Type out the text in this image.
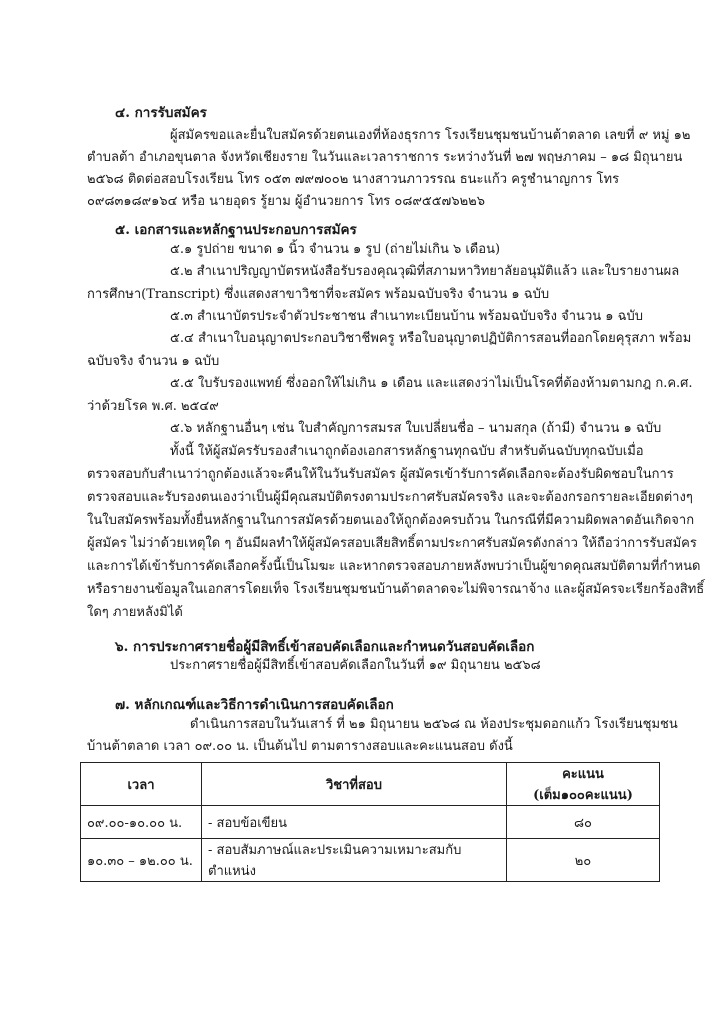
๔. การรับสมัคร
ผู้สมัครขอและยื่นใบสมัครด้วยตนเองที่ห้องธุรการ โรงเรียนชุมชนบ้านต้าตลาด เลขที่ ๙ หมู่ ๑๒
ตำบลต้า อำเภอขุนตาล จังหวัดเชียงราย ในวันและเวลาราชการ ระหว่างวันที่ ๒๗ พฤษภาคม – ๑๘ มิถุนายน
๒๕๖๘ ติดต่อสอบโรงเรียน โทร ๐๕๓ ๗๙๗๐๐๒ นางสาวนภาวรรณ ธนะแก้ว ครูชำนาญการ โทร
๐๙๘๓๑๘๙๑๖๔ หรือ นายอุดร รู้ยาม ผู้อำนวยการ โทร ๐๘๙๕๕๗๖๒๒๖
๕. เอกสารและหลักฐานประกอบการสมัคร
๕.๑ รูปถ่าย ขนาด ๑ นิ้ว จำนวน ๑ รูป (ถ่ายไม่เกิน ๖ เดือน)
๕.๒ สำเนาปริญญาบัตรหนังสือรับรองคุณวุฒิที่สภามหาวิทยาลัยอนุมัติแล้ว และใบรายงานผล
การศึกษา(Transcript) ซึ่งแสดงสาขาวิชาที่จะสมัคร พร้อมฉบับจริง จำนวน ๑ ฉบับ
๕.๓ สำเนาบัตรประจำตัวประชาชน สำเนาทะเบียนบ้าน พร้อมฉบับจริง จำนวน ๑ ฉบับ
๕.๔ สำเนาใบอนุญาตประกอบวิชาชีพครู หรือใบอนุญาตปฏิบัติการสอนที่ออกโดยคุรุสภา พร้อม
ฉบับจริง จำนวน ๑ ฉบับ
๕.๕ ใบรับรองแพทย์ ซึ่งออกให้ไม่เกิน ๑ เดือน และแสดงว่าไม่เป็นโรคที่ต้องห้ามตามกฎ ก.ค.ศ.
ว่าด้วยโรค พ.ศ. ๒๕๔๙
๕.๖ หลักฐานอื่นๆ เช่น ใบสำคัญการสมรส ใบเปลี่ยนชื่อ – นามสกุล (ถ้ามี) จำนวน ๑ ฉบับ
ทั้งนี้ ให้ผู้สมัครรับรองสำเนาถูกต้องเอกสารหลักฐานทุกฉบับ สำหรับต้นฉบับทุกฉบับเมื่อ
ตรวจสอบกับสำเนาว่าถูกต้องแล้วจะคืนให้ในวันรับสมัคร ผู้สมัครเข้ารับการคัดเลือกจะต้องรับผิดชอบในการ
ตรวจสอบและรับรองตนเองว่าเป็นผู้มีคุณสมบัติตรงตามประกาศรับสมัครจริง และจะต้องกรอกรายละเอียดต่างๆ
ในใบสมัครพร้อมทั้งยื่นหลักฐานในการสมัครด้วยตนเองให้ถูกต้องครบถ้วน ในกรณีที่มีความผิดพลาดอันเกิดจาก
ผู้สมัคร ไม่ว่าด้วยเหตุใด ๆ อันมีผลทำให้ผู้สมัครสอบเสียสิทธิ์ตามประกาศรับสมัครดังกล่าว ให้ถือว่าการรับสมัคร
และการได้เข้ารับการคัดเลือกครั้งนี้เป็นโมฆะ และหากตรวจสอบภายหลังพบว่าเป็นผู้ขาดคุณสมบัติตามที่กำหนด
หรือรายงานข้อมูลในเอกสารโดยเท็จ โรงเรียนชุมชนบ้านต้าตลาดจะไม่พิจารณาจ้าง และผู้สมัครจะเรียกร้องสิทธิ์
ใดๆ ภายหลังมิได้
๖. การประกาศรายชื่อผู้มีสิทธิ์เข้าสอบคัดเลือกและกำหนดวันสอบคัดเลือก
ประกาศรายชื่อผู้มีสิทธิ์เข้าสอบคัดเลือกในวันที่ ๑๙ มิถุนายน ๒๕๖๘
๗. หลักเกณฑ์และวิธีการดำเนินการสอบคัดเลือก
ดำเนินการสอบในวันเสาร์ ที่ ๒๑ มิถุนายน ๒๕๖๘ ณ ห้องประชุมดอกแก้ว โรงเรียนชุมชน
บ้านต้าตลาด เวลา ๐๙.๐๐ น. เป็นต้นไป ตามตารางสอบและคะแนนสอบ ดังนี้
เวลา	วิชาที่สอบ	คะแนน (เต็ม๑๐๐คะแนน)
๐๙.๐๐-๑๐.๐๐ น.	- สอบข้อเขียน	๘๐
๑๐.๓๐ – ๑๒.๐๐ น.	- สอบสัมภาษณ์และประเมินความเหมาะสมกับตำแหน่ง	๒๐
